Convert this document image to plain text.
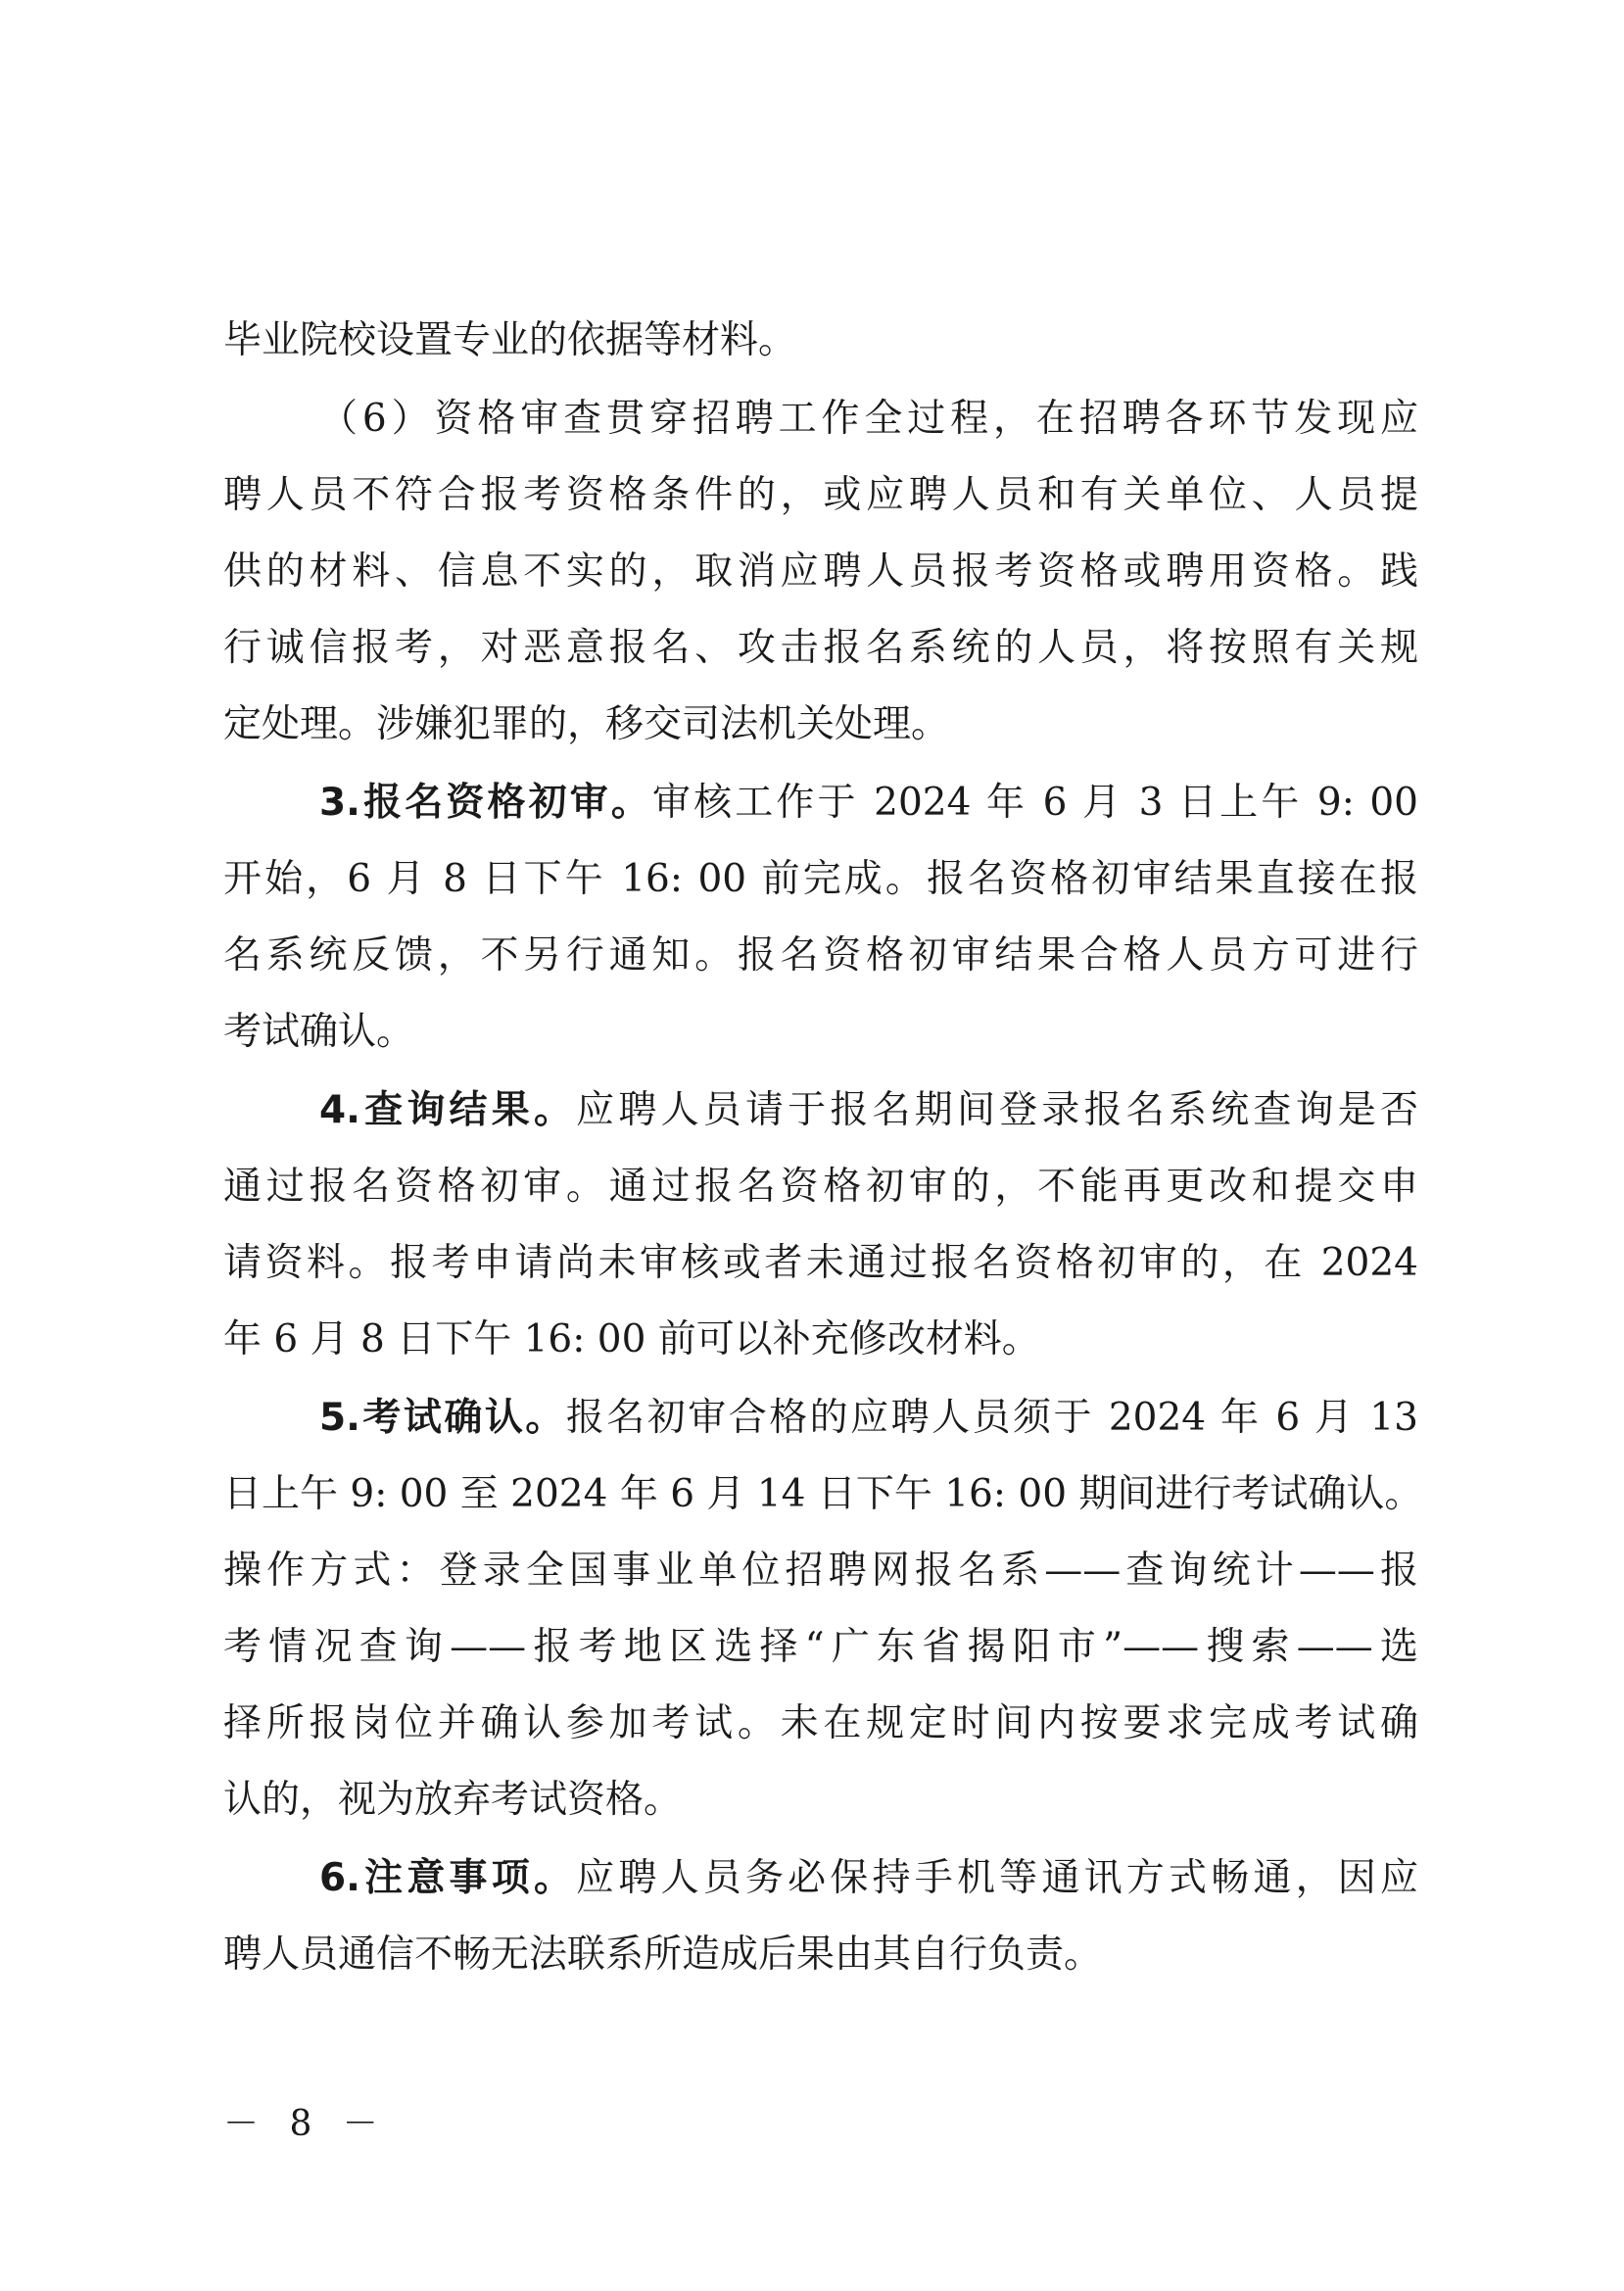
毕业院校设置专业的依据等材料。
（6）资格审查贯穿招聘工作全过程，在招聘各环节发现应
聘人员不符合报考资格条件的，或应聘人员和有关单位、人员提
供的材料、信息不实的，取消应聘人员报考资格或聘用资格。践
行诚信报考，对恶意报名、攻击报名系统的人员，将按照有关规
定处理。涉嫌犯罪的，移交司法机关处理。
3.报名资格初审。审核工作于 2024 年 6 月 3 日上午 9: 00
开始，6 月 8 日下午 16: 00 前完成。报名资格初审结果直接在报
名系统反馈，不另行通知。报名资格初审结果合格人员方可进行
考试确认。
4.查询结果。应聘人员请于报名期间登录报名系统查询是否
通过报名资格初审。通过报名资格初审的，不能再更改和提交申
请资料。报考申请尚未审核或者未通过报名资格初审的，在 2024
年 6 月 8 日下午 16: 00 前可以补充修改材料。
5.考试确认。报名初审合格的应聘人员须于 2024 年 6 月 13
日上午 9: 00 至 2024 年 6 月 14 日下午 16: 00 期间进行考试确认。
操作方式：登录全国事业单位招聘网报名系——查询统计——报
考情况查询——报考地区选择“广东省揭阳市”——搜索——选
择所报岗位并确认参加考试。未在规定时间内按要求完成考试确
认的，视为放弃考试资格。
6.注意事项。应聘人员务必保持手机等通讯方式畅通，因应
聘人员通信不畅无法联系所造成后果由其自行负责。
－ 8 －
